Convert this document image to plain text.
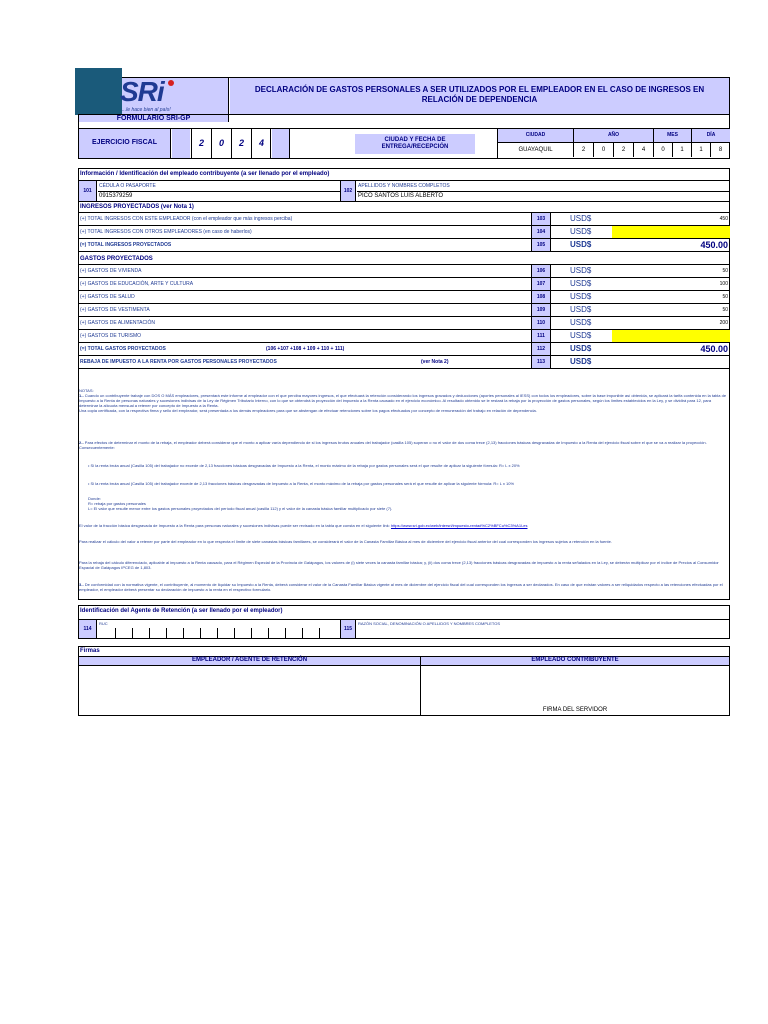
SRi
...le hace bien al país!
FORMULARIO SRI-GP
DECLARACIÓN DE GASTOS PERSONALES A SER UTILIZADOS POR EL EMPLEADOR EN EL CASO DE INGRESOS EN RELACIÓN DE DEPENDENCIA
EJERCICIO FISCAL	2	0	2	4	CIUDAD Y FECHA DE ENTREGA/RECEPCIÓN
CIUDAD	AÑO	MES	DÍA
GUAYAQUIL	2	0	2	4	0	1	1	8
Información / Identificación del empleado contribuyente (a ser llenado por el empleado)
101
CÉDULA O PASAPORTE
0915379259
102
APELLIDOS Y NOMBRES COMPLETOS
PICO SANTOS LUIS ALBERTO
INGRESOS PROYECTADOS (ver Nota 1)
(+) TOTAL INGRESOS CON ESTE EMPLEADOR (con el empleador que más ingresos perciba)	103	USD$	450
(+) TOTAL INGRESOS CON OTROS EMPLEADORES (en caso de haberlos)	104	USD$
(=) TOTAL INGRESOS PROYECTADOS	105	USD$	450.00
GASTOS PROYECTADOS
(+) GASTOS DE VIVIENDA	106	USD$	50
(+) GASTOS DE EDUCACIÓN, ARTE Y CULTURA	107	USD$	100
(+) GASTOS DE SALUD	108	USD$	50
(+) GASTOS DE VESTIMENTA	109	USD$	50
(+) GASTOS DE ALIMENTACIÓN	110	USD$	200
(+) GASTOS DE TURISMO	111	USD$
(=) TOTAL GASTOS PROYECTADOS	(106 +107 +108 + 109 + 110 + 111)	112	USD$	450.00
REBAJA DE IMPUESTO A LA RENTA POR GASTOS PERSONALES PROYECTADOS	(ver Nota 2)	113	USD$

NOTAS:

1.- Cuando un contribuyente trabaje con DOS O MÁS empleadores, presentará este informe al empleador con el que perciba mayores ingresos, el que efectuará la retención considerando los ingresos gravados y deducciones (aportes personales al IESS) con todos los empleadores, sobre la base imponible así obtenida, se aplicará la tarifa contenida en la tabla de Impuesto a la Renta de personas naturales y sucesiones indivisas de la Ley de Régimen Tributario Interno, con lo que se obtendrá la proyección del impuesto a la Renta causado en el ejercicio económico. Al resultado obtenido se le restará la rebaja por la proyección de gastos personales, según los límites establecidos en la Ley, y se dividirá para 12, para determinar la alícuota mensual a retener por concepto de Impuesto a la Renta.

Una copia certificada, con la respectiva firma y sello del empleador, será presentada a los demás empleadores para que se abstengan de efectuar retenciones sobre los pagos efectuados por concepto de remuneración del trabajo en relación de dependencia.

2.- Para efectos de determinar el monto de la rebaja, el empleador deberá considerar que el monto a aplicar varía dependiendo de si los ingresos brutos anuales del trabajador (casilla 105) superan o no el valor de dos coma trece (2,13) fracciones básicas desgravadas de Impuesto a la Renta del ejercicio fiscal sobre el que se va a realizar la proyección. Consecuentemente:

• Si la renta bruta anual (Casilla 105) del trabajador no excede de 2,13 fracciones básicas desgravadas de Impuesto a la Renta, el monto máximo de la rebaja por gastos personales será el que resulte de aplicar la siguiente fórmula: R= L x 20%
• Si la renta bruta anual (Casilla 105) del trabajador excede de 2,13 fracciones básicas desgravadas de Impuesto a la Renta, el monto máximo de la rebaja por gastos personales será el que resulte de aplicar la siguiente fórmula: R= L x 10%
Donde:
R= rebaja por gastos personales
L= El valor que resulte menor entre los gastos personales proyectados del período fiscal anual (casilla 112) y el valor de la canasta básica familiar multiplicado por siete (7).
El valor de la fracción básica desgravada de Impuesto a la Renta para personas naturales y sucesiones indivisas puede ser revisado en la tabla que consta en el siguiente link: https://www.sri.gob.ec/web/intersri/impuesto-renta#%C2%BFCu%C3%A1l-es
Para realizar el cálculo del valor a retener por parte del empleador en lo que respecta el límite de siete canastas básicas familiares, se considerará el valor de la Canasta Familiar Básica al mes de diciembre del ejercicio fiscal anterior del cual corresponden los ingresos sujetos a retención en la fuente.
Para la rebaja del cálculo diferenciado, aplicable al impuesto a la Renta causado, para el Régimen Especial de la Provincia de Galápagos, los valores de (i) siete veces la canasta familiar básica; y, (ii) dos coma trece (2,13) fracciones básicas desgravadas de impuesto a la renta señalados en la Ley, se deberán multiplicar por el índice de Precios al Consumidor Espacial de Galápagos IPCEG de 1,803.
3.- De conformidad con la normativa vigente, el contribuyente, al momento de liquidar su Impuesto a la Renta, deberá considerar el valor de la Canasta Familiar Básica vigente al mes de diciembre del ejercicio fiscal del cual corresponden los ingresos a ser declarados. En caso de que existan valores a ser reliquidados respecto a las retenciones efectuadas por el empleador, el empleador deberá presentar su declaración de impuesto a la renta en el respectivo formulario.
Identificación del Agente de Retención (a ser llenado por el empleador)
114
RUC
115
RAZÓN SOCIAL, DENOMINACIÓN O APELLIDOS Y NOMBRES COMPLETOS
Firmas
EMPLEADOR / AGENTE DE RETENCIÓN	EMPLEADO CONTRIBUYENTE
FIRMA DEL SERVIDOR
